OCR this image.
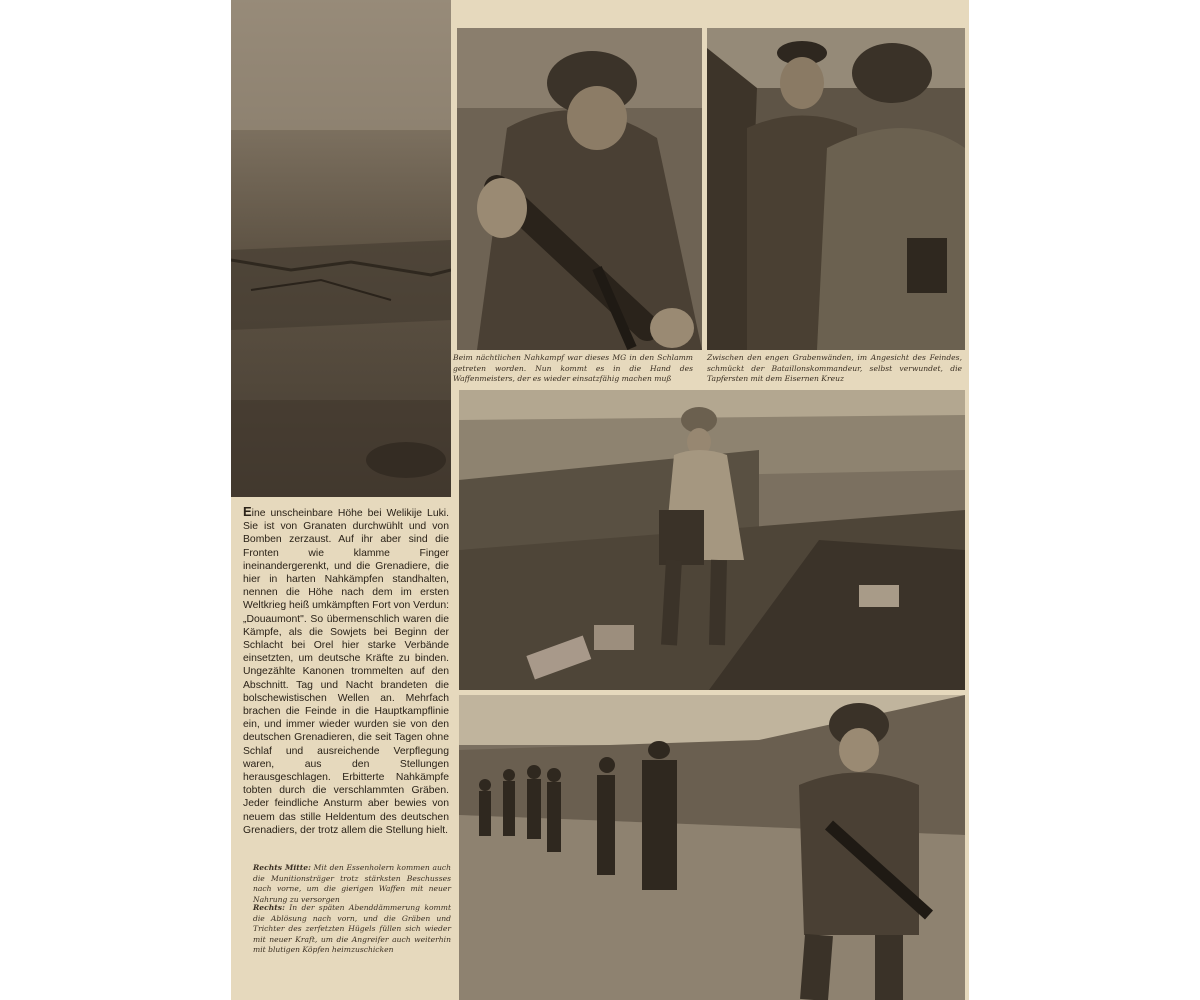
Beim nächtlichen Nahkampf war dieses MG in den Schlamm getreten worden. Nun kommt es in die Hand des Waffenmeisters, der es wieder einsatzfähig machen muß
Zwischen den engen Grabenwänden, im Angesicht des Feindes, schmückt der Bataillonskommandeur, selbst verwundet, die Tapfersten mit dem Eisernen Kreuz
Eine unscheinbare Höhe bei Welikije Luki. Sie ist von Granaten durchwühlt und von Bomben zerzaust. Auf ihr aber sind die Fronten wie klamme Finger ineinandergerenkt, und die Grenadiere, die hier in harten Nahkämpfen standhalten, nennen die Höhe nach dem im ersten Weltkrieg heiß umkämpften Fort von Verdun: „Douaumont". So übermenschlich waren die Kämpfe, als die Sowjets bei Beginn der Schlacht bei Orel hier starke Verbände einsetzten, um deutsche Kräfte zu binden. Ungezählte Kanonen trommelten auf den Abschnitt. Tag und Nacht brandeten die bolschewistischen Wellen an. Mehrfach brachen die Feinde in die Hauptkampflinie ein, und immer wieder wurden sie von den deutschen Grenadieren, die seit Tagen ohne Schlaf und ausreichende Verpflegung waren, aus den Stellungen herausgeschlagen. Erbitterte Nahkämpfe tobten durch die verschlammten Gräben. Jeder feindliche Ansturm aber bewies von neuem das stille Heldentum des deutschen Grenadiers, der trotz allem die Stellung hielt.
Rechts Mitte: Mit den Essenholern kommen auch die Munitionsträger trotz stärksten Beschusses nach vorne, um die gierigen Waffen mit neuer Nahrung zu versorgen
Rechts: In der späten Abenddämmerung kommt die Ablösung nach vorn, und die Gräben und Trichter des zerfetzten Hügels füllen sich wieder mit neuer Kraft, um die Angreifer auch weiterhin mit blutigen Köpfen heimzuschicken
